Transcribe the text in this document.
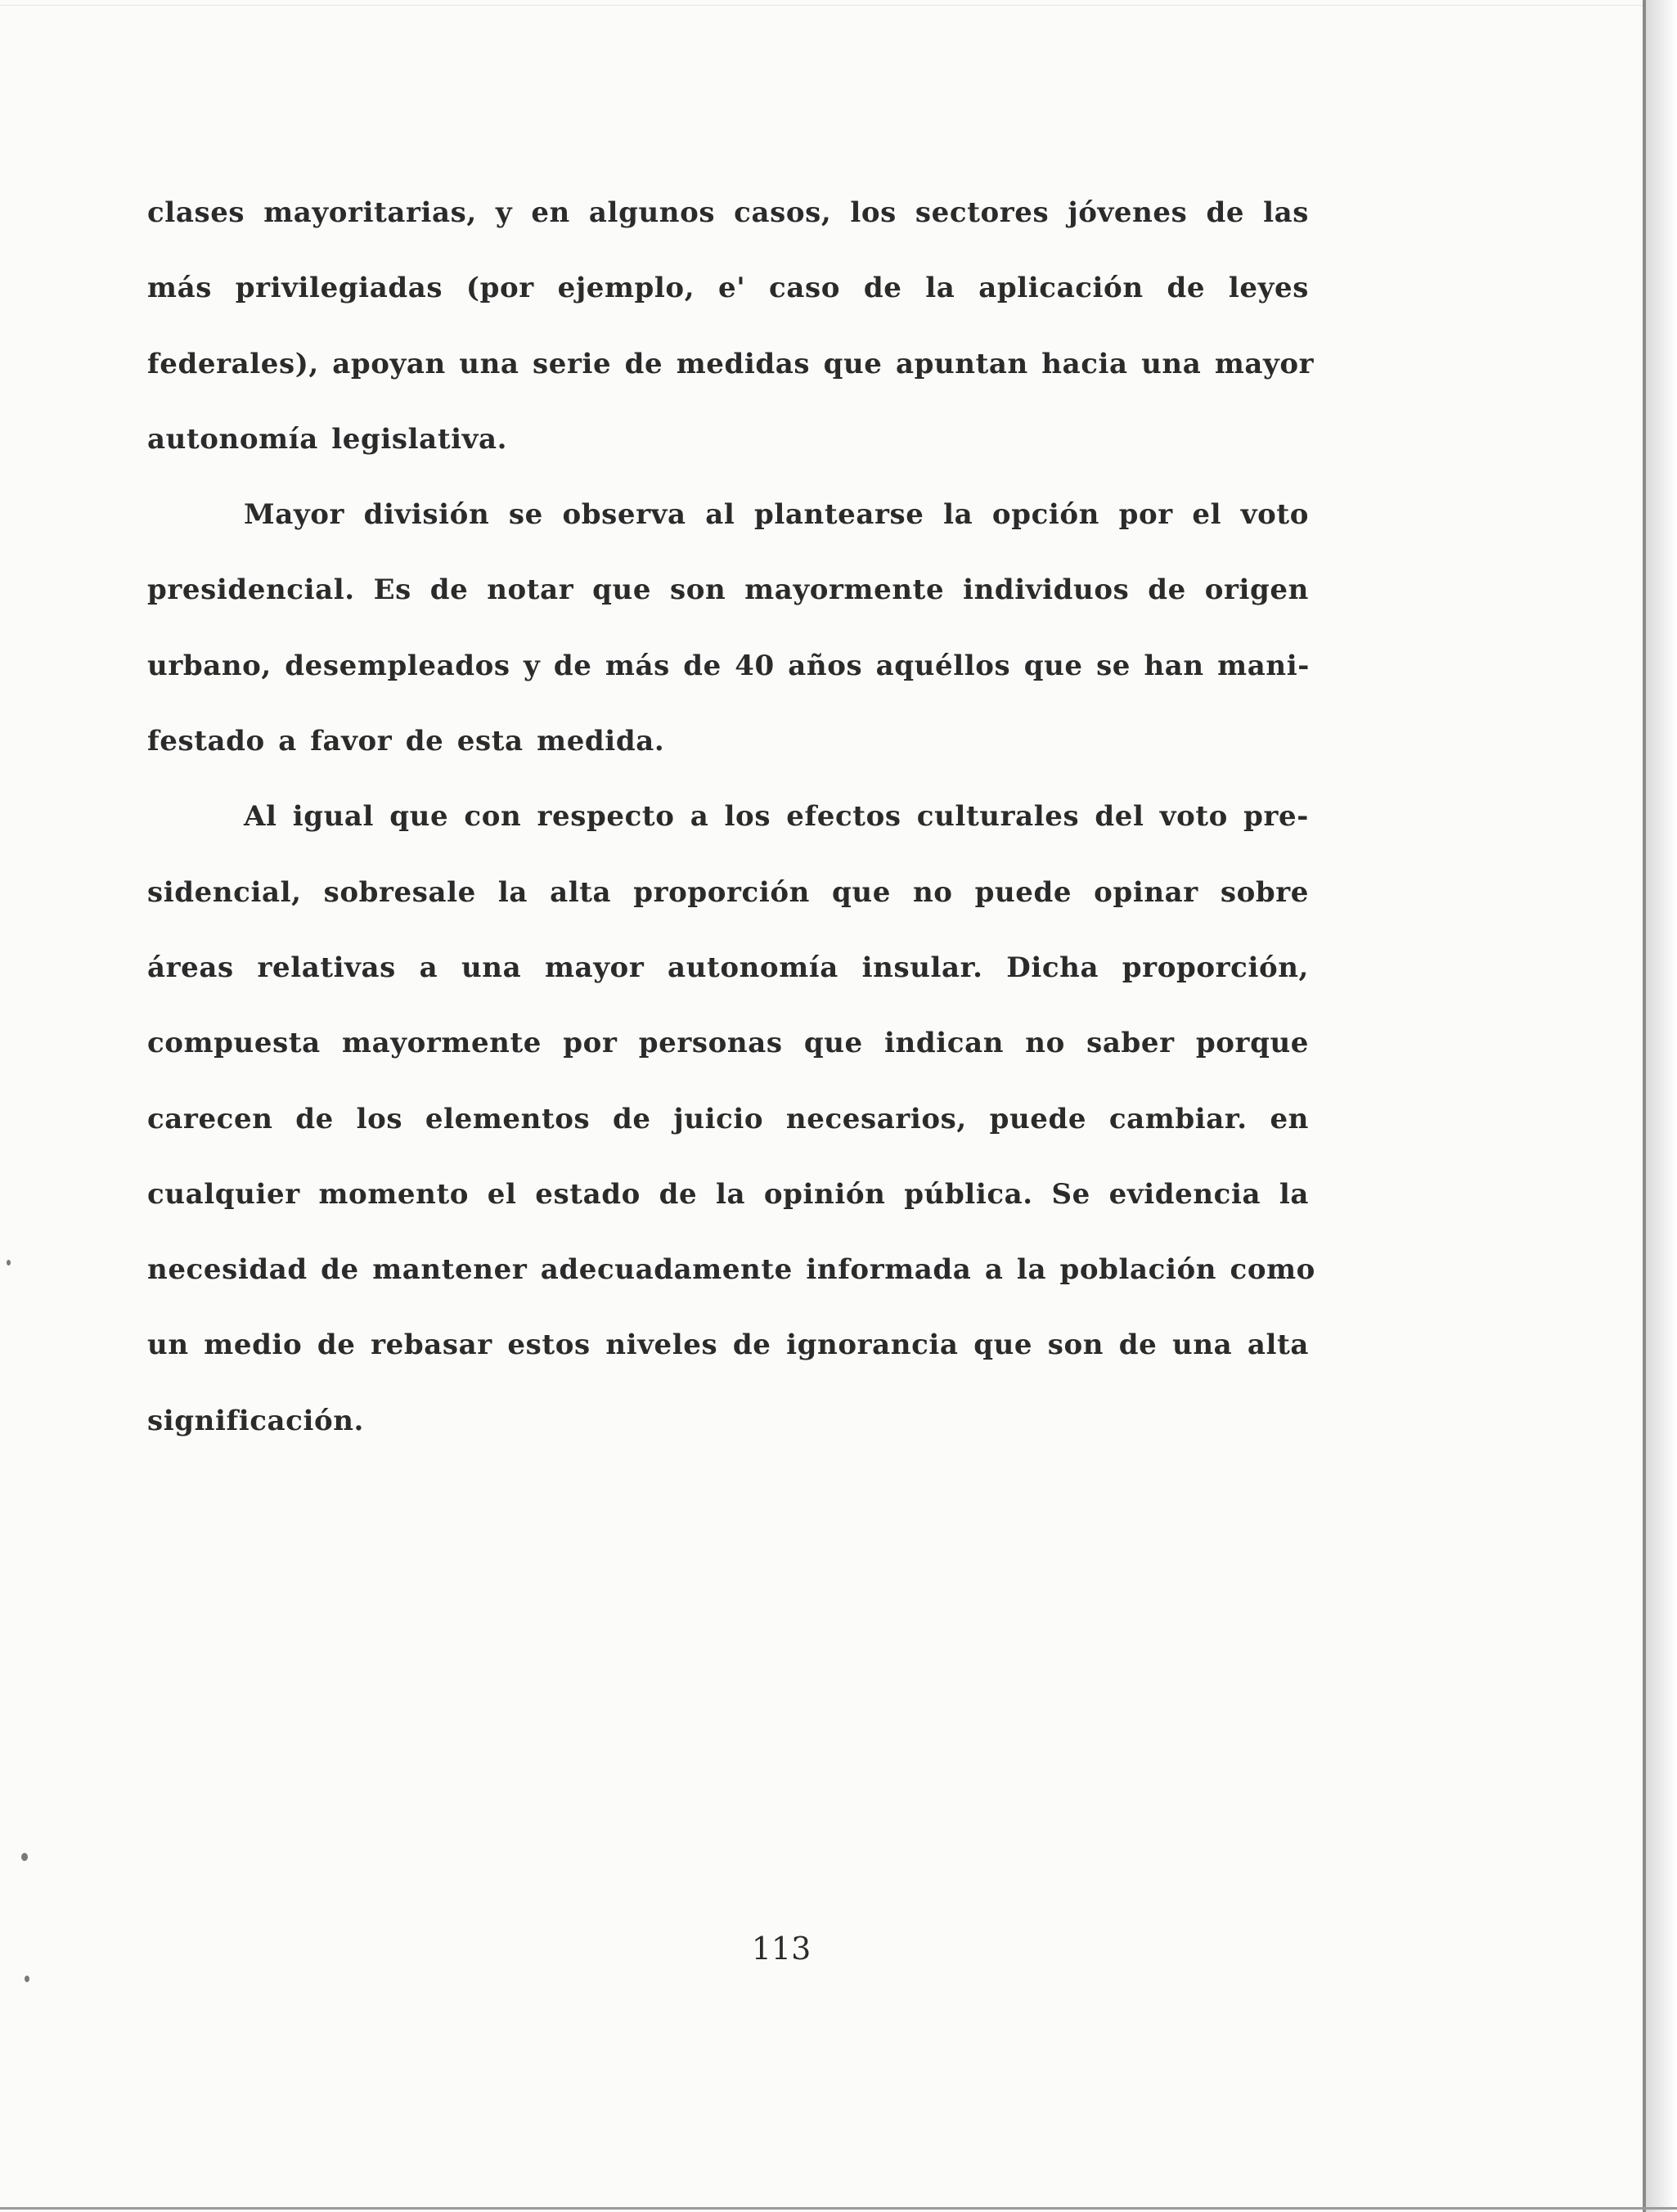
clases mayoritarias, y en algunos casos, los sectores jóvenes de las
más privilegiadas (por ejemplo, e' caso de la aplicación de leyes
federales), apoyan una serie de medidas que apuntan hacia una mayor
autonomía legislativa.
Mayor división se observa al plantearse la opción por el voto
presidencial. Es de notar que son mayormente individuos de origen
urbano, desempleados y de más de 40 años aquéllos que se han mani-
festado a favor de esta medida.
Al igual que con respecto a los efectos culturales del voto pre-
sidencial, sobresale la alta proporción que no puede opinar sobre
áreas relativas a una mayor autonomía insular. Dicha proporción,
compuesta mayormente por personas que indican no saber porque
carecen de los elementos de juicio necesarios, puede cambiar. en
cualquier momento el estado de la opinión pública. Se evidencia la
necesidad de mantener adecuadamente informada a la población como
un medio de rebasar estos niveles de ignorancia que son de una alta
significación.
113
